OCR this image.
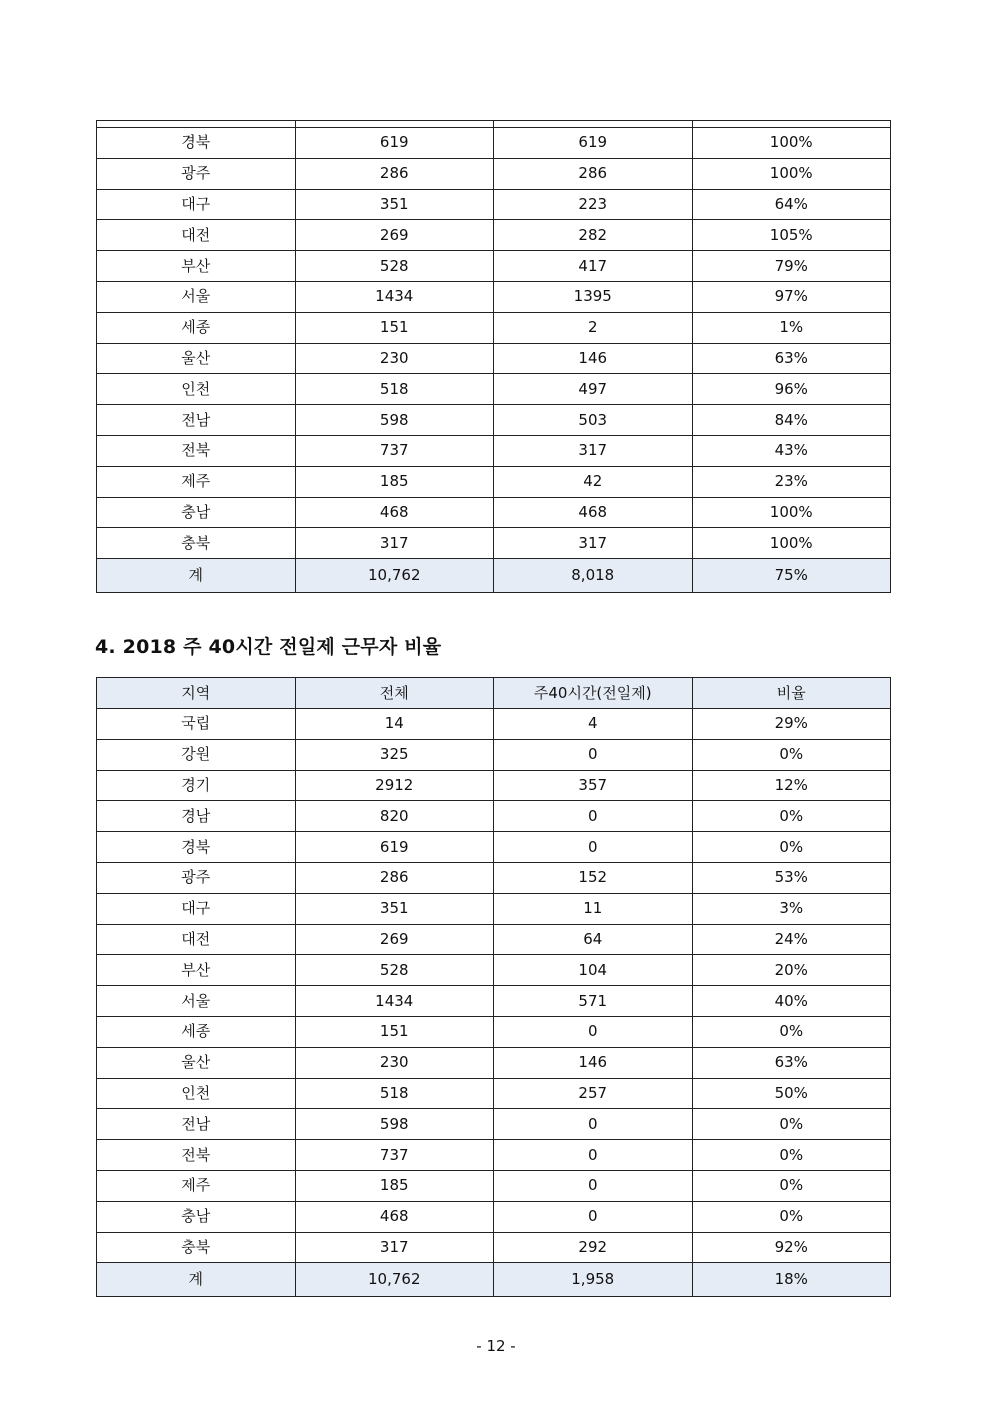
경북	619	619	100%
광주	286	286	100%
대구	351	223	64%
대전	269	282	105%
부산	528	417	79%
서울	1434	1395	97%
세종	151	2	1%
울산	230	146	63%
인천	518	497	96%
전남	598	503	84%
전북	737	317	43%
제주	185	42	23%
충남	468	468	100%
충북	317	317	100%
계	10,762	8,018	75%
4. 2018 주 40시간 전일제 근무자 비율
지역	전체	주40시간(전일제)	비율
국립	14	4	29%
강원	325	0	0%
경기	2912	357	12%
경남	820	0	0%
경북	619	0	0%
광주	286	152	53%
대구	351	11	3%
대전	269	64	24%
부산	528	104	20%
서울	1434	571	40%
세종	151	0	0%
울산	230	146	63%
인천	518	257	50%
전남	598	0	0%
전북	737	0	0%
제주	185	0	0%
충남	468	0	0%
충북	317	292	92%
계	10,762	1,958	18%
- 12 -
